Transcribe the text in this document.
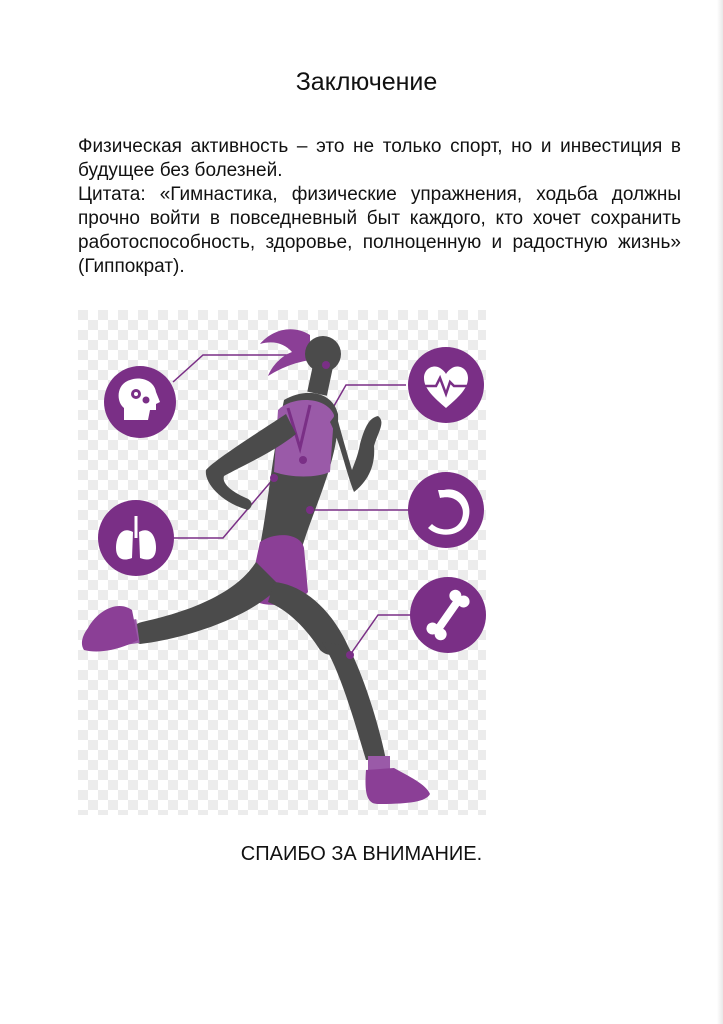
Заключение

Физическая активность – это не только спорт, но и инвестиция в будущее без болезней.

Цитата: «Гимнастика, физические упражнения, ходьба должны прочно войти в повседневный быт каждого, кто хочет сохранить работоспособность, здоровье, полноценную и радостную жизнь» (Гиппократ).

СПАИБО ЗА ВНИМАНИЕ.
